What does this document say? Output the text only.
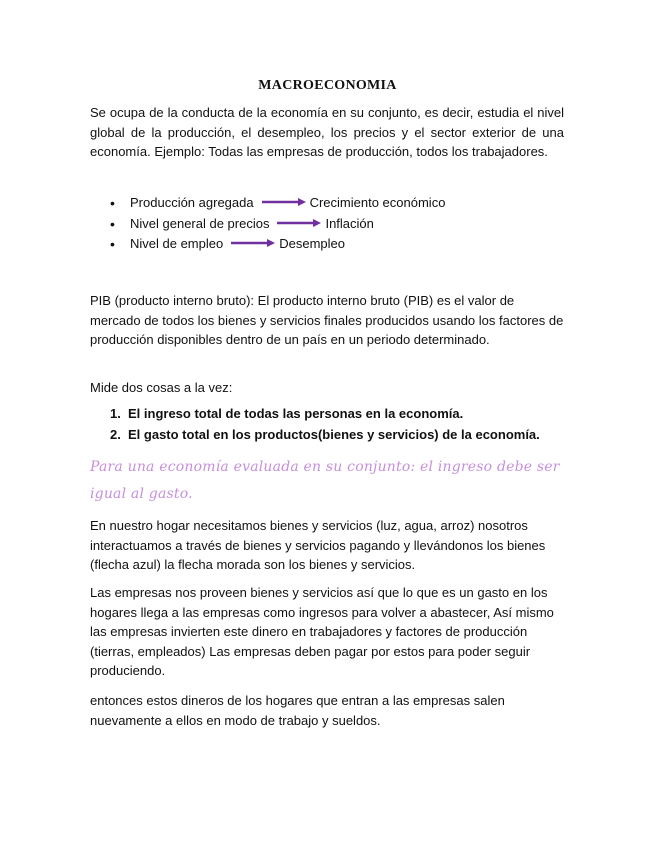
MACROECONOMIA

Se ocupa de la conducta de la economía en su conjunto, es decir, estudia el nivel global de la producción, el desempleo, los precios y el sector exterior de una economía. Ejemplo: Todas las empresas de producción, todos los trabajadores.

• Producción agregada	Crecimiento económico
• Nivel general de precios	Inflación
• Nivel de empleo	Desempleo

PIB (producto interno bruto): El producto interno bruto (PIB) es el valor de mercado de todos los bienes y servicios finales producidos usando los factores de producción disponibles dentro de un país en un periodo determinado.

Mide dos cosas a la vez:

1. El ingreso total de todas las personas en la economía.
2. El gasto total en los productos(bienes y servicios) de la economía.

Para una economía evaluada en su conjunto: el ingreso debe ser igual al gasto.

En nuestro hogar necesitamos bienes y servicios (luz, agua, arroz) nosotros interactuamos a través de bienes y servicios pagando y llevándonos los bienes (flecha azul) la flecha morada son los bienes y servicios.

Las empresas nos proveen bienes y servicios así que lo que es un gasto en los hogares llega a las empresas como ingresos para volver a abastecer, Así mismo las empresas invierten este dinero en trabajadores y factores de producción (tierras, empleados) Las empresas deben pagar por estos para poder seguir produciendo.

entonces estos dineros de los hogares que entran a las empresas salen nuevamente a ellos en modo de trabajo y sueldos.
